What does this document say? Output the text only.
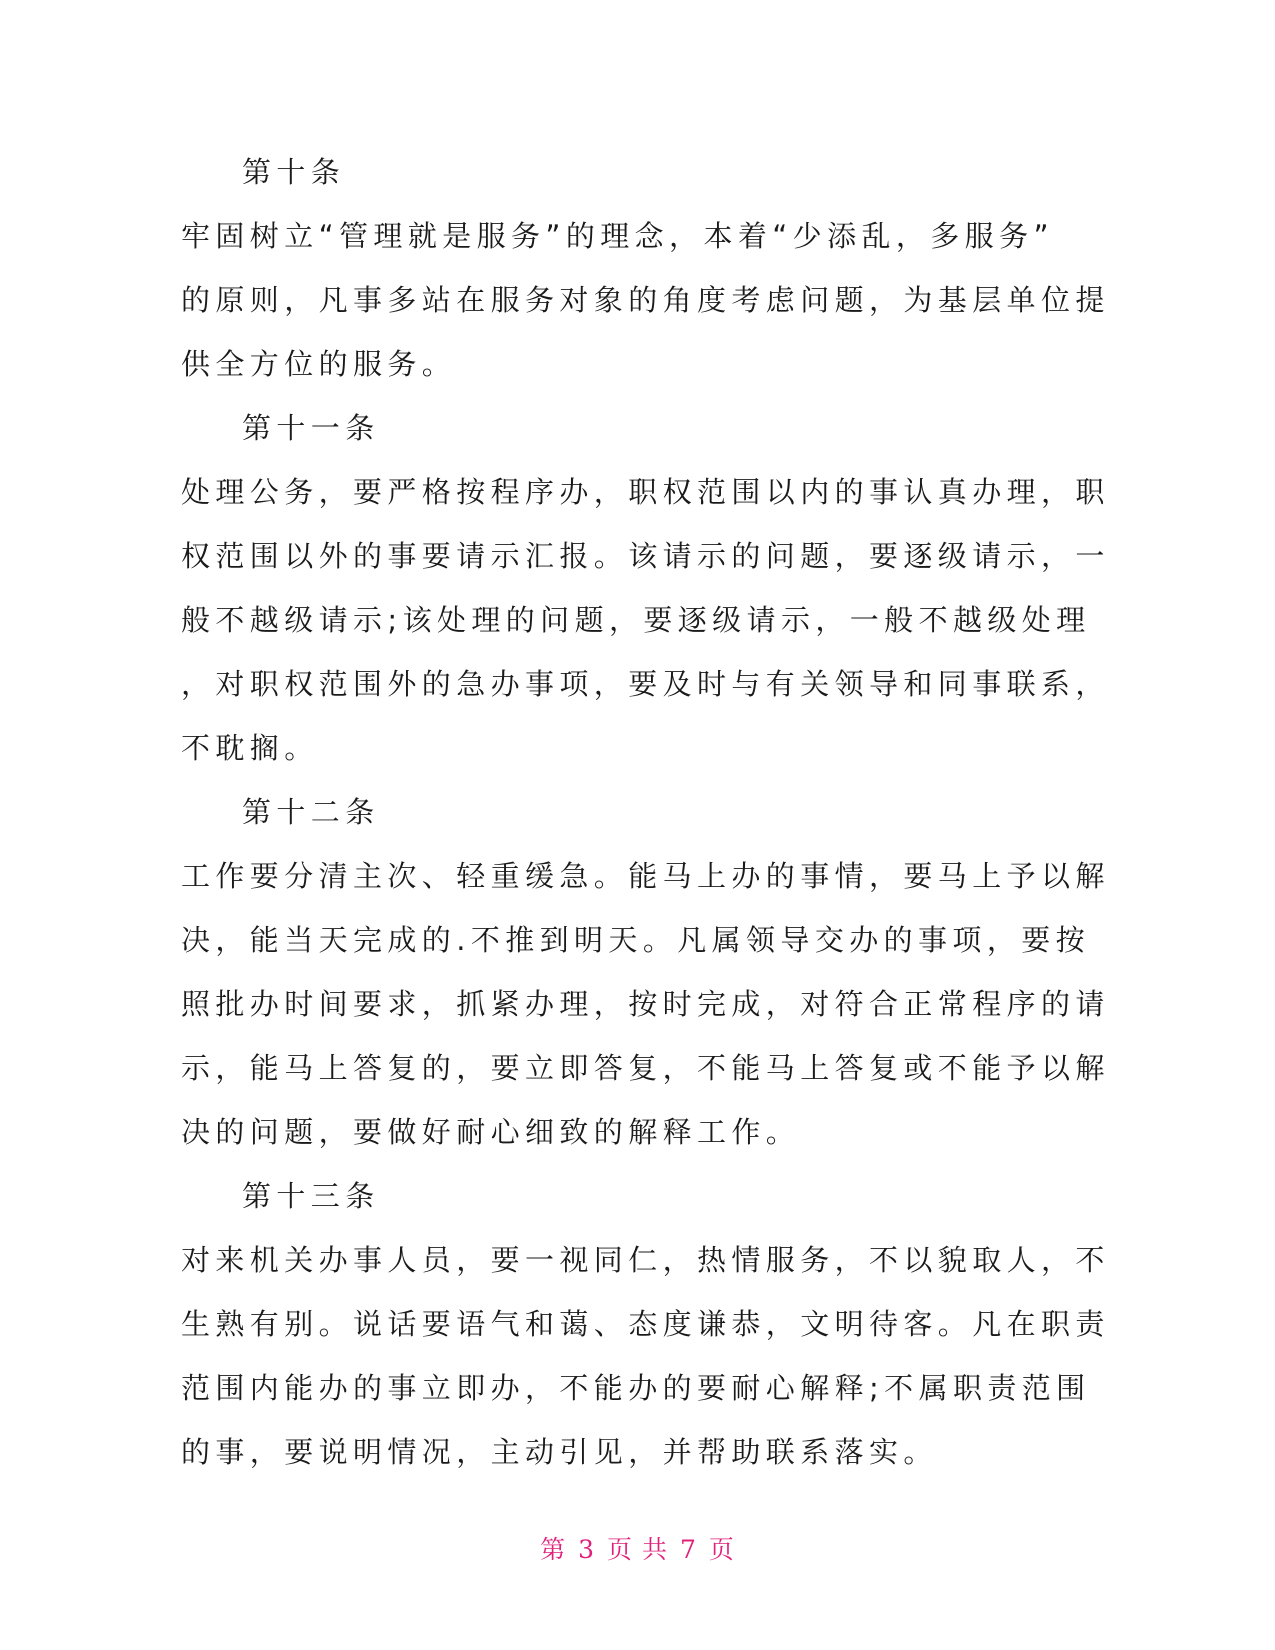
第十条
牢固树立“管理就是服务”的理念，本着“少添乱，多服务”
的原则，凡事多站在服务对象的角度考虑问题，为基层单位提
供全方位的服务。
第十一条
处理公务，要严格按程序办，职权范围以内的事认真办理，职
权范围以外的事要请示汇报。该请示的问题，要逐级请示，一
般不越级请示;该处理的问题，要逐级请示，一般不越级处理
，对职权范围外的急办事项，要及时与有关领导和同事联系，
不耽搁。
第十二条
工作要分清主次、轻重缓急。能马上办的事情，要马上予以解
决，能当天完成的.不推到明天。凡属领导交办的事项，要按
照批办时间要求，抓紧办理，按时完成，对符合正常程序的请
示，能马上答复的，要立即答复，不能马上答复或不能予以解
决的问题，要做好耐心细致的解释工作。
第十三条
对来机关办事人员，要一视同仁，热情服务，不以貌取人，不
生熟有别。说话要语气和蔼、态度谦恭，文明待客。凡在职责
范围内能办的事立即办，不能办的要耐心解释;不属职责范围
的事，要说明情况，主动引见，并帮助联系落实。
第 3 页 共 7 页
